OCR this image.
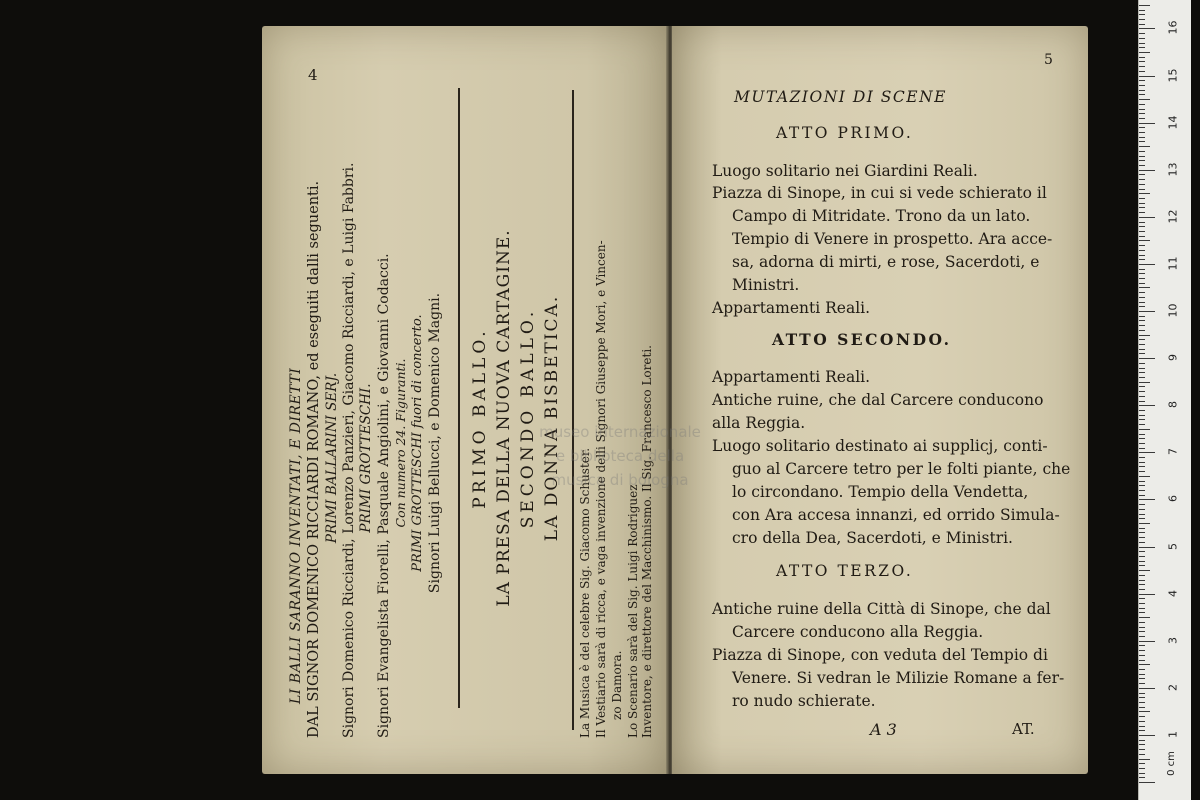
4
LI BALLI SARANNO INVENTATI, E DIRETTI DAL SIGNOR DOMENICO RICCIARDI ROMANO, ed eseguiti dalli seguenti. PRIMI BALLARINI SERJ. Signori Domenico Ricciardi, Lorenzo Panzieri, Giacomo Ricciardi, e Luigi Fabbri. PRIMI GROTTESCHI. Signori Evangelista Fiorelli, Pasquale Angiolini, e Giovanni Codacci. Con numero 24. Figuranti. PRIMI GROTTESCHI fuori di concerto. Signori Luigi Bellucci, e Domenico Magni. PRIMO BALLO. LA PRESA DELLA NUOVA CARTAGINE. SECONDO BALLO. LA DONNA BISBETICA.
La Musica è del celebre Sig. Giacomo Schuster. Il Vestiario sarà di ricca, e vaga invenzione delli Signori Giuseppe Mori, e Vincen- zo Damora. Lo Scenario sarà del Sig. Luigi Rodriguez Inventore, e direttore del Macchinismo. Il Sig. Francesco Loreti.
5
MUTAZIONI DI SCENE
ATTO PRIMO.
Luogo solitario nei Giardini Reali.
Piazza di Sinope, in cui si vede schierato il
Campo di Mitridate. Trono da un lato.
Tempio di Venere in prospetto. Ara acce-
sa, adorna di mirti, e rose, Sacerdoti, e
Ministri.
Appartamenti Reali.
ATTO SECONDO.
Appartamenti Reali.
Antiche ruine, che dal Carcere conducono
alla Reggia.
Luogo solitario destinato ai supplicj, conti-
guo al Carcere tetro per le folti piante, che
lo circondano. Tempio della Vendetta,
con Ara accesa innanzi, ed orrido Simula-
cro della Dea, Sacerdoti, e Ministri.
ATTO TERZO.
Antiche ruine della Città di Sinope, che dal
Carcere conducono alla Reggia.
Piazza di Sinope, con veduta del Tempio di
Venere. Si vedran le Milizie Romane a fer-
ro nudo schierate.
A 3	AT.
museo internazionale
e biblioteca della
musica di bologna
0 cm
1
2
3
4
5
6
7
8
9
10
11
12
13
14
15
16
